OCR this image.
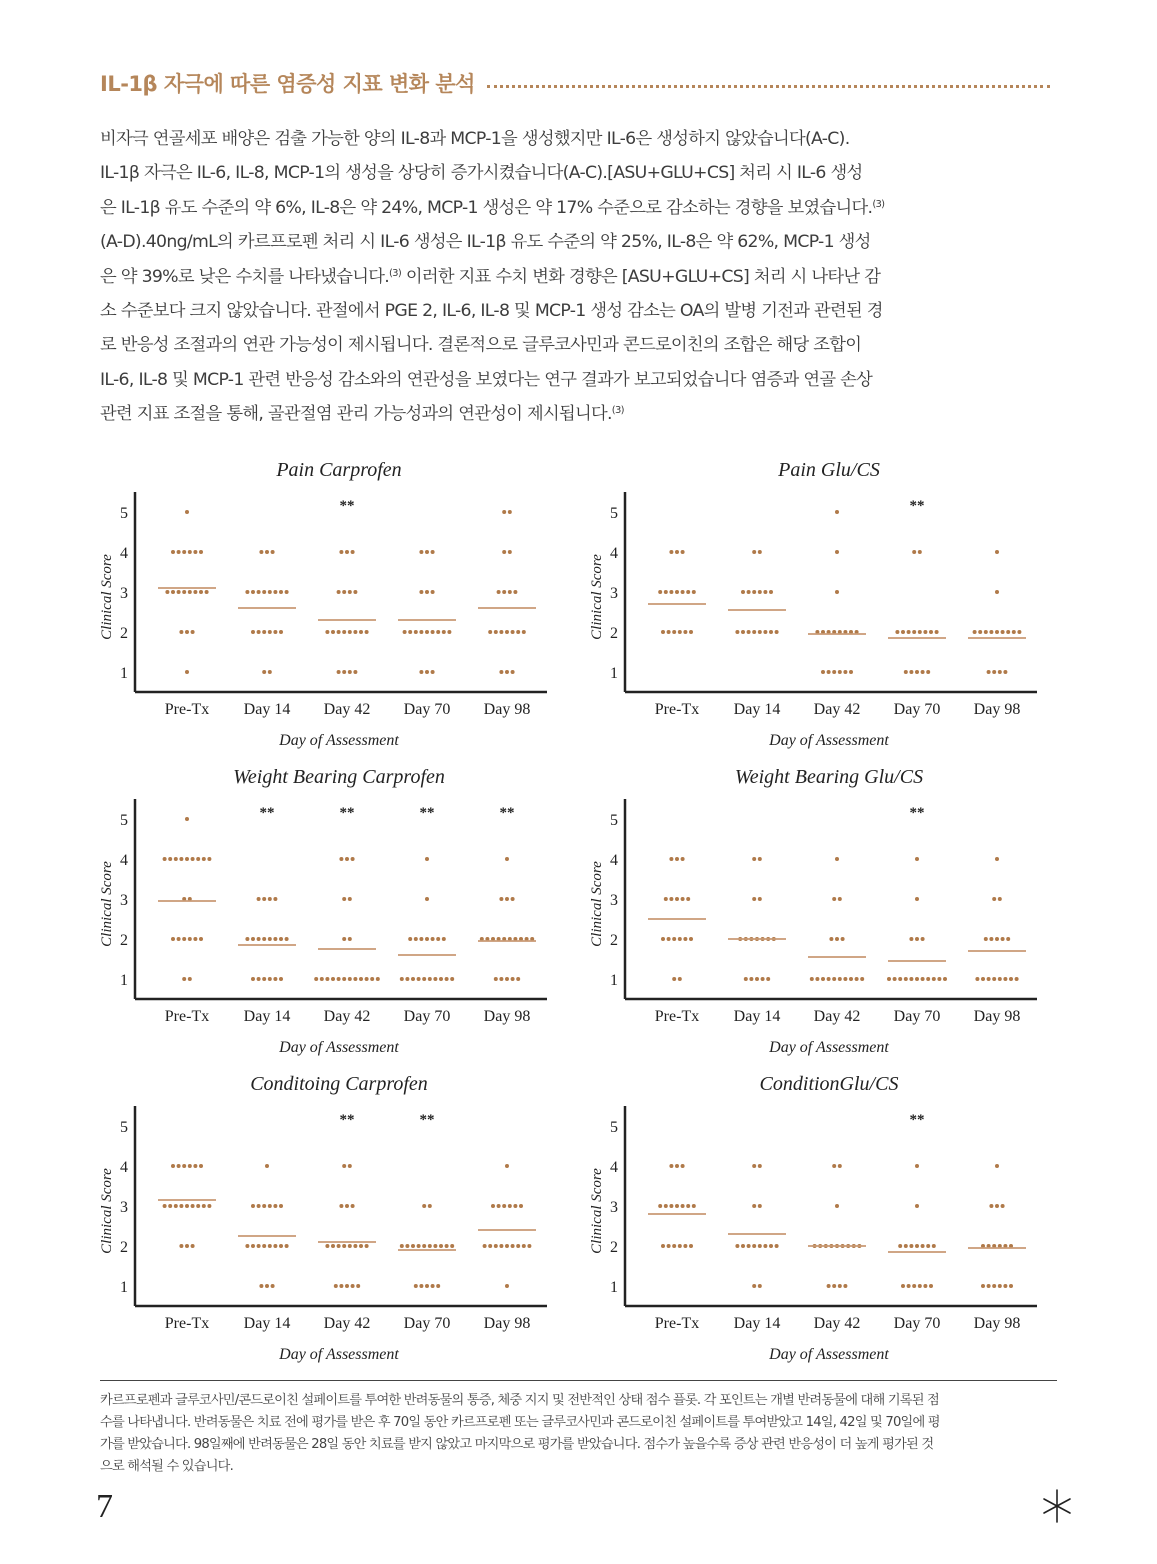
IL-1β 자극에 따른 염증성 지표 변화 분석

비자극 연골세포 배양은 검출 가능한 양의 IL-8과 MCP-1을 생성했지만 IL-6은 생성하지 않았습니다(A-C).

IL-1β 자극은 IL-6, IL-8, MCP-1의 생성을 상당히 증가시켰습니다(A-C).[ASU+GLU+CS] 처리 시 IL-6 생성

은 IL-1β 유도 수준의 약 6%, IL-8은 약 24%, MCP-1 생성은 약 17% 수준으로 감소하는 경향을 보였습니다.$^{(3)}$

(A-D).40ng/mL의 카르프로펜 처리 시 IL-6 생성은 IL-1β 유도 수준의 약 25%, IL-8은 약 62%, MCP-1 생성

은 약 39%로 낮은 수치를 나타냈습니다.$^{(3)}$ 이러한 지표 수치 변화 경향은 [ASU+GLU+CS] 처리 시 나타난 감

소 수준보다 크지 않았습니다. 관절에서 PGE 2, IL-6, IL-8 및 MCP-1 생성 감소는 OA의 발병 기전과 관련된 경

로 반응성 조절과의 연관 가능성이 제시됩니다. 결론적으로 글루코사민과 콘드로이친의 조합은 해당 조합이

IL-6, IL-8 및 MCP-1 관련 반응성 감소와의 연관성을 보였다는 연구 결과가 보고되었습니다 염증과 연골 손상

관련 지표 조절을 통해, 골관절염 관리 가능성과의 연관성이 제시됩니다.$^{(3)}$

Pain Carprofen
1
2
3
4
5
Clinical Score
Pre-Tx Day 14 Day 42 Day 70 Day 98
Day of Assessment
**
Pain Glu/CS
1
2
3
4
5
Clinical Score
Pre-Tx Day 14 Day 42 Day 70 Day 98
Day of Assessment
**
Weight Bearing Carprofen
1
2
3
4
5
Clinical Score
Pre-Tx Day 14 Day 42 Day 70 Day 98
Day of Assessment
**	**	**	**
Weight Bearing Glu/CS
1
2
3
4
5
Clinical Score
Pre-Tx Day 14 Day 42 Day 70 Day 98
Day of Assessment
**
Conditoing Carprofen
1
2
3
4
5
Clinical Score
Pre-Tx Day 14 Day 42 Day 70 Day 98
Day of Assessment
**	**
ConditionGlu/CS
1
2
3
4
5
Clinical Score
Pre-Tx Day 14 Day 42 Day 70 Day 98
Day of Assessment
**

카르프로펜과 글루코사민/콘드로이친 설페이트를 투여한 반려동물의 통증, 체중 지지 및 전반적인 상태 점수 플롯. 각 포인트는 개별 반려동물에 대해 기록된 점

수를 나타냅니다. 반려동물은 치료 전에 평가를 받은 후 70일 동안 카르프로펜 또는 글루코사민과 콘드로이친 설페이트를 투여받았고 14일, 42일 및 70일에 평

가를 받았습니다. 98일째에 반려동물은 28일 동안 치료를 받지 않았고 마지막으로 평가를 받았습니다. 점수가 높을수록 증상 관련 반응성이 더 높게 평가된 것

으로 해석될 수 있습니다.

7
